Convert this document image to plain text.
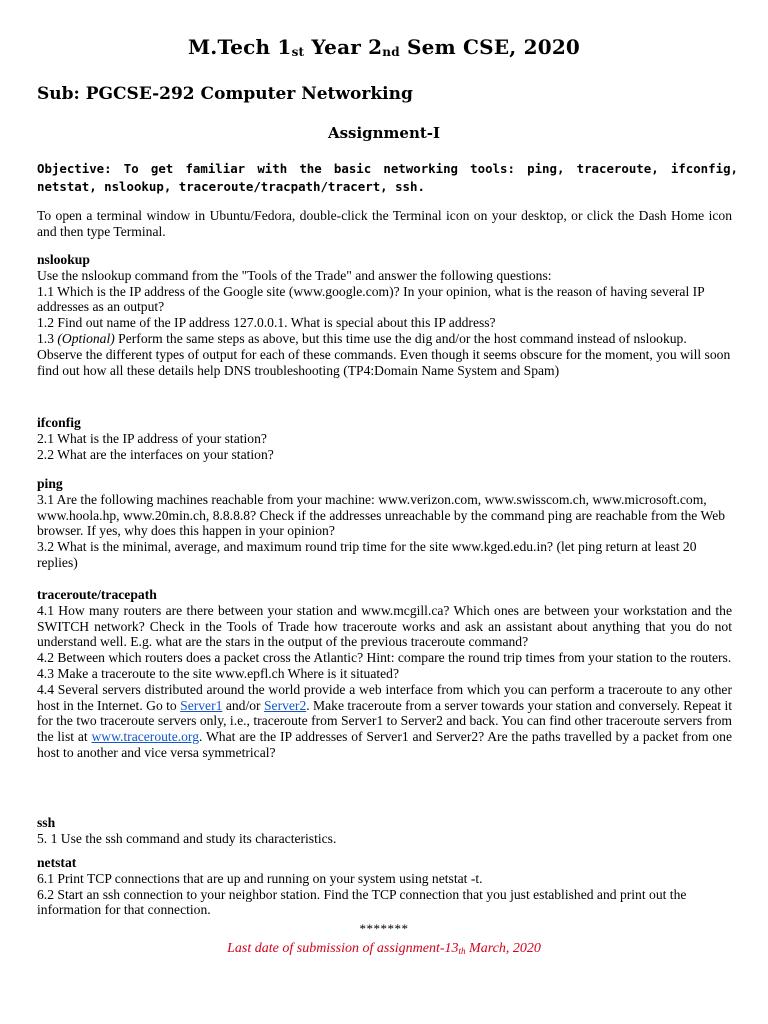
M.Tech $1_{st}$ Year $2_{nd}$ Sem CSE, 2020
Sub: PGCSE-292 Computer Networking
Assignment-I
Objective: To get familiar with the basic networking tools: ping, traceroute, ifconfig, netstat, nslookup, traceroute/tracpath/tracert, ssh.

To open a terminal window in Ubuntu/Fedora, double-click the Terminal icon on your desktop, or click the Dash Home icon and then type Terminal.

nslookup

Use the nslookup command from the "Tools of the Trade" and answer the following questions:

1.1 Which is the IP address of the Google site (www.google.com)? In your opinion, what is the reason of having several IP addresses as an output?

1.2 Find out name of the IP address 127.0.0.1. What is special about this IP address?

1.3 (Optional) Perform the same steps as above, but this time use the dig and/or the host command instead of nslookup. Observe the different types of output for each of these commands. Even though it seems obscure for the moment, you will soon find out how all these details help DNS troubleshooting (TP4:Domain Name System and Spam)

ifconfig

2.1 What is the IP address of your station?

2.2 What are the interfaces on your station?

ping

3.1 Are the following machines reachable from your machine: www.verizon.com, www.swisscom.ch, www.microsoft.com, www.hoola.hp, www.20min.ch, 8.8.8.8? Check if the addresses unreachable by the command ping are reachable from the Web browser. If yes, why does this happen in your opinion?

3.2 What is the minimal, average, and maximum round trip time for the site www.kged.edu.in? (let ping return at least 20 replies)

traceroute/tracepath

4.1 How many routers are there between your station and www.mcgill.ca? Which ones are between your workstation and the SWITCH network? Check in the Tools of Trade how traceroute works and ask an assistant about anything that you do not understand well. E.g. what are the stars in the output of the previous traceroute command?

4.2 Between which routers does a packet cross the Atlantic? Hint: compare the round trip times from your station to the routers.

4.3 Make a traceroute to the site www.epfl.ch Where is it situated?

4.4 Several servers distributed around the world provide a web interface from which you can perform a traceroute to any other host in the Internet. Go to Server1 and/or Server2. Make traceroute from a server towards your station and conversely. Repeat it for the two traceroute servers only, i.e., traceroute from Server1 to Server2 and back. You can find other traceroute servers from the list at www.traceroute.org. What are the IP addresses of Server1 and Server2? Are the paths travelled by a packet from one host to another and vice versa symmetrical?

ssh

5. 1 Use the ssh command and study its characteristics.

netstat

6.1 Print TCP connections that are up and running on your system using netstat -t.

6.2 Start an ssh connection to your neighbor station. Find the TCP connection that you just established and print out the information for that connection.

*******
Last date of submission of assignment-$13_{th}$ March, 2020
